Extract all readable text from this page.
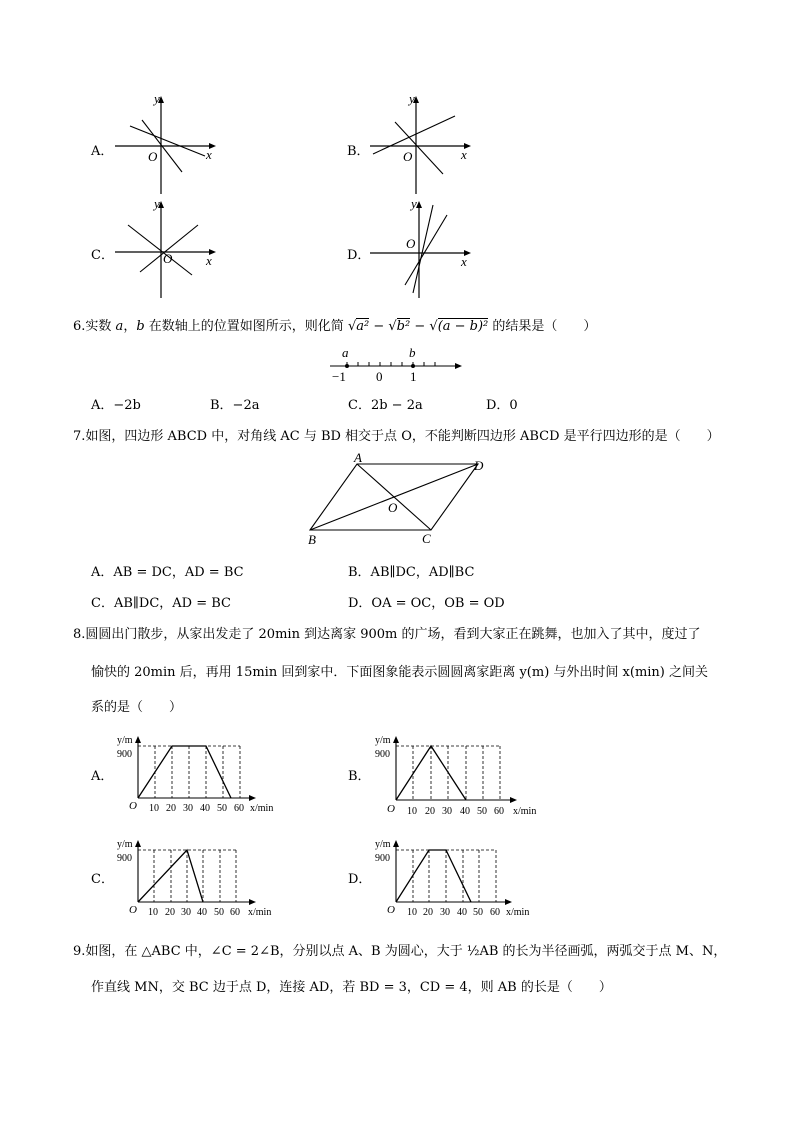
A．
y
x
O	B．
y
x
O
C．
y
x
O	D．
y
x
O
6.实数 a，b 在数轴上的位置如图所示，则化简 √a² − √b² − √(a − b)² 的结果是（　　）
a	b
−1 0 1
A．−2b	B．−2a	C．2b − 2a	D．0
7.如图，四边形 ABCD 中，对角线 AC 与 BD 相交于点 O，不能判断四边形 ABCD 是平行四边形的是（　　）
A
D
B	C
O
A．AB = DC，AD = BC	B．AB∥DC，AD∥BC
C．AB∥DC，AD = BC	D．OA = OC，OB = OD
8.圆圆出门散步，从家出发走了 20min 到达离家 900m 的广场，看到大家正在跳舞，也加入了其中，度过了
愉快的 20min 后，再用 15min 回到家中．下面图象能表示圆圆离家距离 y(m) 与外出时间 x(min) 之间关
系的是（　　）
A．
y/m
900
O 10 20 30 40 50 60 x/min
B．
y/m
900
O 10 20 30 40 50 60 x/min
C．
y/m
900
O 10 20 30 40 50 60 x/min
D．
y/m
900
O 10 20 30 40 50 60 x/min
9.如图，在 △ABC 中，∠C = 2∠B，分别以点 A、B 为圆心，大于 ½AB 的长为半径画弧，两弧交于点 M、N，
作直线 MN，交 BC 边于点 D，连接 AD，若 BD = 3，CD = 4，则 AB 的长是（　　）
